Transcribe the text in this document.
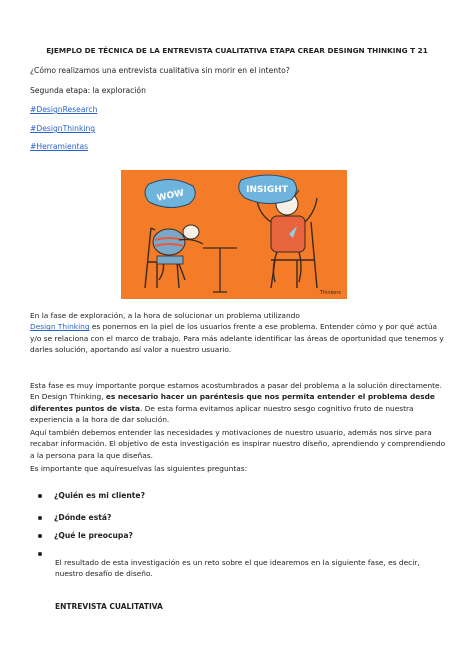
EJEMPLO DE TÉCNICA DE LA ENTREVISTA CUALITATIVA ETAPA CREAR DESINGN THINKING T 21
¿Cómo realizamos una entrevista cualitativa sin morir en el intento?
Segunda etapa: la exploración
#DesignResearch
#DesignThinking
#Herramientas
WOW	INSIGHT
Thinkers
En la fase de exploración, a la hora de solucionar un problema utilizando
Design Thinking es ponernos en la piel de los usuarios frente a ese problema. Entender cómo y por qué actúa y/o se relaciona con el marco de trabajo. Para más adelante identificar las áreas de oportunidad que tenemos y darles solución, aportando así valor a nuestro usuario.
Esta fase es muy importante porque estamos acostumbrados a pasar del problema a la solución directamente. En Design Thinking, es necesario hacer un paréntesis que nos permita entender el problema desde diferentes puntos de vista. De esta forma evitamos aplicar nuestro sesgo cognitivo fruto de nuestra experiencia a la hora de dar solución.
Aquí también debemos entender las necesidades y motivaciones de nuestro usuario, además nos sirve para recabar información. El objetivo de esta investigación es inspirar nuestro diseño, aprendiendo y comprendiendo a la persona para la que diseñas.
Es importante que aquíresuelvas las siguientes preguntas:
¿Quién es mi cliente?
¿Dónde está?
¿Qué le preocupa?
El resultado de esta investigación es un reto sobre el que idearemos en la siguiente fase, es decir, nuestro desafío de diseño.
ENTREVISTA CUALITATIVA
